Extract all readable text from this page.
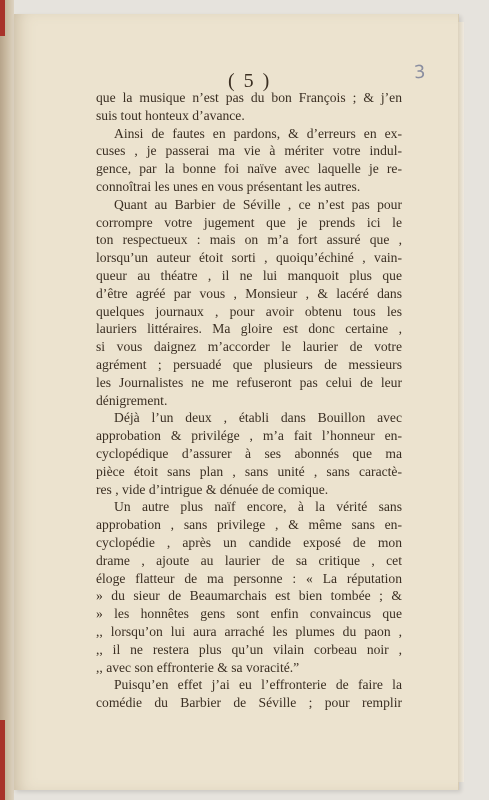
3
( 5 )
que la musique n’est pas du bon François ; & j’en
suis tout honteux d’avance.
Ainsi de fautes en pardons, & d’erreurs en ex-
cuses , je passerai ma vie à mériter votre indul-
gence, par la bonne foi naïve avec laquelle je re-
connoîtrai les unes en vous présentant les autres.
Quant au Barbier de Séville , ce n’est pas pour
corrompre votre jugement que je prends ici le
ton respectueux : mais on m’a fort assuré que ,
lorsqu’un auteur étoit sorti , quoiqu’échiné , vain-
queur au théatre , il ne lui manquoit plus que
d’être agréé par vous , Monsieur , & lacéré dans
quelques journaux , pour avoir obtenu tous les
lauriers littéraires. Ma gloire est donc certaine ,
si vous daignez m’accorder le laurier de votre
agrément ; persuadé que plusieurs de messieurs
les Journalistes ne me refuseront pas celui de leur
dénigrement.
Déjà l’un deux , établi dans Bouillon avec
approbation & privilége , m’a fait l’honneur en-
cyclopédique d’assurer à ses abonnés que ma
pièce étoit sans plan , sans unité , sans caractè-
res , vide d’intrigue & dénuée de comique.
Un autre plus naïf encore, à la vérité sans
approbation , sans privilege , & même sans en-
cyclopédie , après un candide exposé de mon
drame , ajoute au laurier de sa critique , cet
éloge flatteur de ma personne : « La réputation
» du sieur de Beaumarchais est bien tombée ; &
» les honnêtes gens sont enfin convaincus que
,, lorsqu’on lui aura arraché les plumes du paon ,
,, il ne restera plus qu’un vilain corbeau noir ,
,, avec son effronterie & sa voracité.”
Puisqu’en effet j’ai eu l’effronterie de faire la
comédie du Barbier de Séville ; pour remplir
